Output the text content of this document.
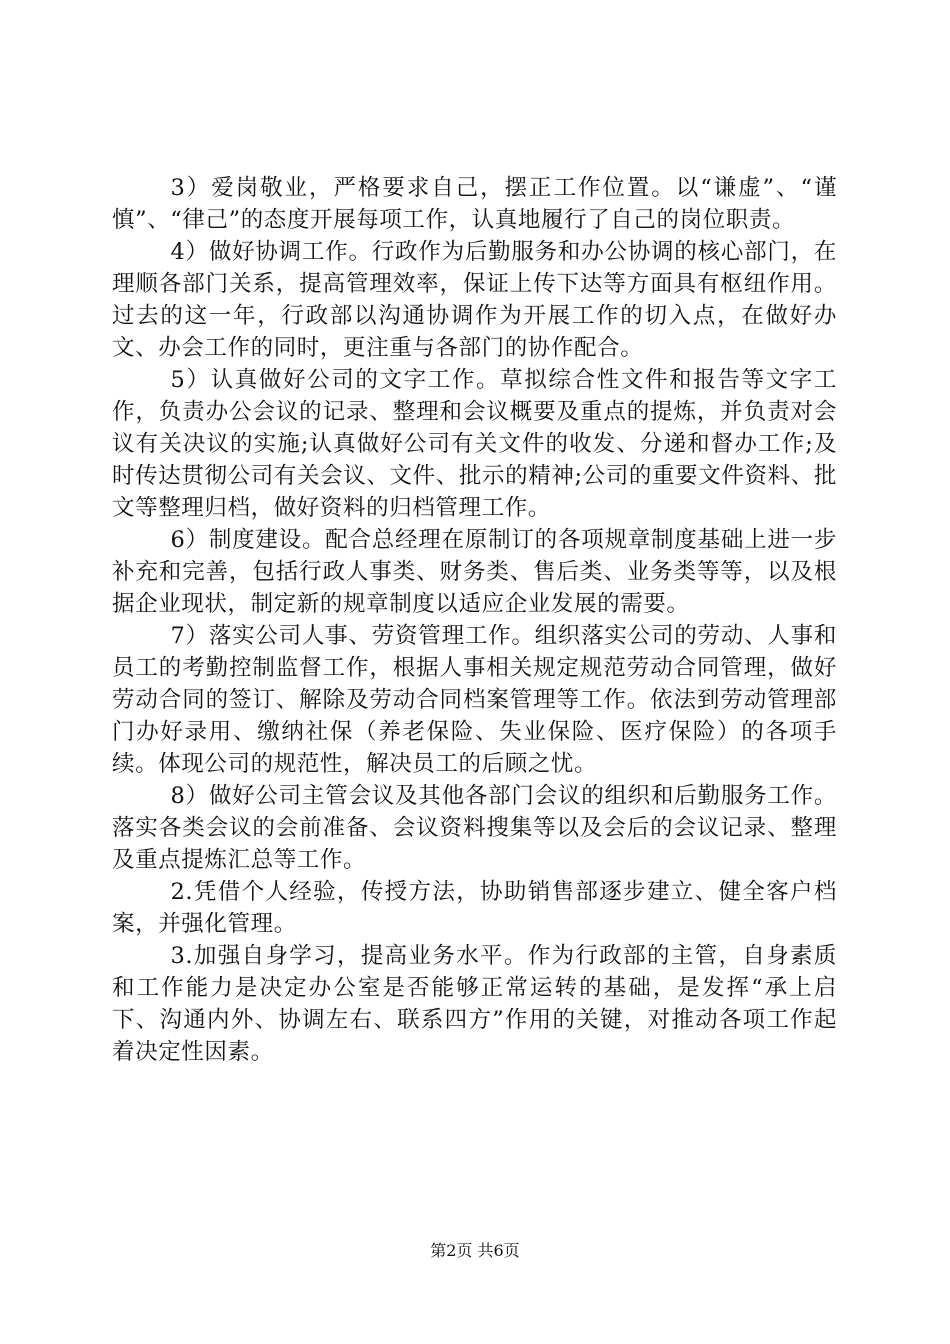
3）爱岗敬业，严格要求自己，摆正工作位置。以“谦虚”、“谨慎”、“律己”的态度开展每项工作，认真地履行了自己的岗位职责。

4）做好协调工作。行政作为后勤服务和办公协调的核心部门，在理顺各部门关系，提高管理效率，保证上传下达等方面具有枢纽作用。过去的这一年，行政部以沟通协调作为开展工作的切入点，在做好办文、办会工作的同时，更注重与各部门的协作配合。

5）认真做好公司的文字工作。草拟综合性文件和报告等文字工作，负责办公会议的记录、整理和会议概要及重点的提炼，并负责对会议有关决议的实施;认真做好公司有关文件的收发、分递和督办工作;及时传达贯彻公司有关会议、文件、批示的精神;公司的重要文件资料、批文等整理归档，做好资料的归档管理工作。

6）制度建设。配合总经理在原制订的各项规章制度基础上进一步补充和完善，包括行政人事类、财务类、售后类、业务类等等，以及根据企业现状，制定新的规章制度以适应企业发展的需要。

7）落实公司人事、劳资管理工作。组织落实公司的劳动、人事和员工的考勤控制监督工作，根据人事相关规定规范劳动合同管理，做好劳动合同的签订、解除及劳动合同档案管理等工作。依法到劳动管理部门办好录用、缴纳社保（养老保险、失业保险、医疗保险）的各项手续。体现公司的规范性，解决员工的后顾之忧。

8）做好公司主管会议及其他各部门会议的组织和后勤服务工作。落实各类会议的会前准备、会议资料搜集等以及会后的会议记录、整理及重点提炼汇总等工作。

2.凭借个人经验，传授方法，协助销售部逐步建立、健全客户档案，并强化管理。

3.加强自身学习，提高业务水平。作为行政部的主管，自身素质和工作能力是决定办公室是否能够正常运转的基础，是发挥“承上启下、沟通内外、协调左右、联系四方”作用的关键，对推动各项工作起着决定性因素。

第2页 共6页
